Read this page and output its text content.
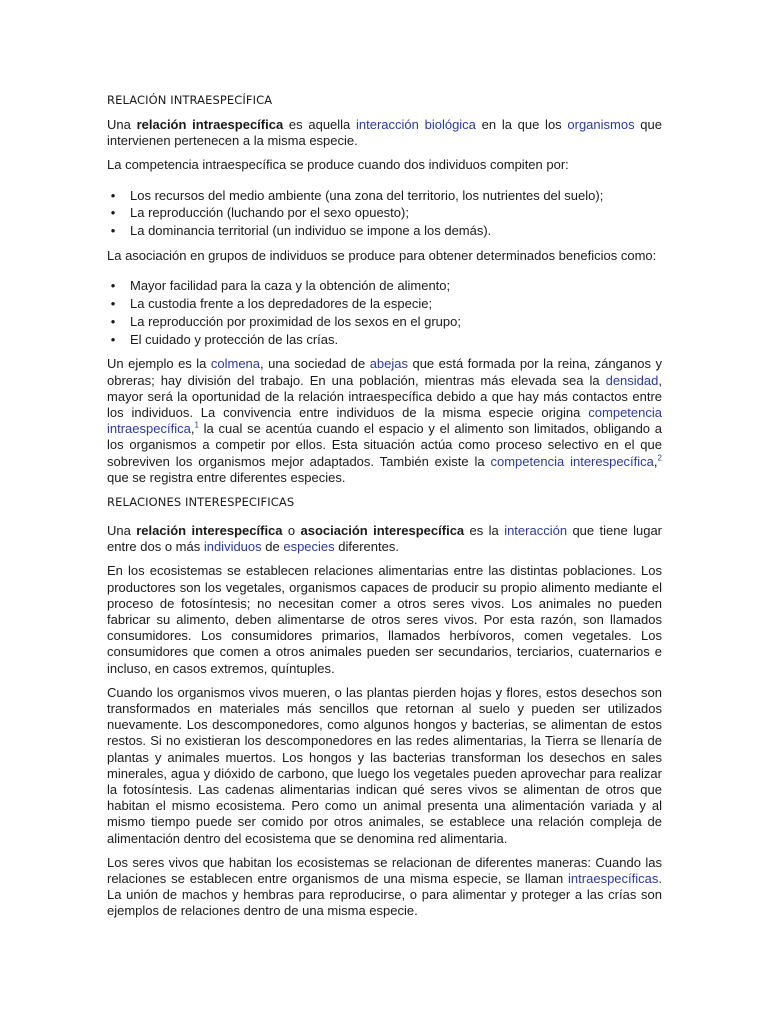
RELACIÓN INTRAESPECÍFICA

Una relación intraespecífica es aquella interacción biológica en la que los organismos que intervienen pertenecen a la misma especie.

La competencia intraespecífica se produce cuando dos individuos compiten por:

• Los recursos del medio ambiente (una zona del territorio, los nutrientes del suelo);
• La reproducción (luchando por el sexo opuesto);
• La dominancia territorial (un individuo se impone a los demás).

La asociación en grupos de individuos se produce para obtener determinados beneficios como:

• Mayor facilidad para la caza y la obtención de alimento;
• La custodia frente a los depredadores de la especie;
• La reproducción por proximidad de los sexos en el grupo;
• El cuidado y protección de las crías.

Un ejemplo es la colmena, una sociedad de abejas que está formada por la reina, zánganos y obreras; hay división del trabajo. En una población, mientras más elevada sea la densidad, mayor será la oportunidad de la relación intraespecífica debido a que hay más contactos entre los individuos. La convivencia entre individuos de la misma especie origina competencia intraespecífica,$^1$ la cual se acentúa cuando el espacio y el alimento son limitados, obligando a los organismos a competir por ellos. Esta situación actúa como proceso selectivo en el que sobreviven los organismos mejor adaptados. También existe la competencia interespecífica,$^2$ que se registra entre diferentes especies.

RELACIONES INTERESPECIFICAS

Una relación interespecífica o asociación interespecífica es la interacción que tiene lugar entre dos o más individuos de especies diferentes.

En los ecosistemas se establecen relaciones alimentarias entre las distintas poblaciones. Los productores son los vegetales, organismos capaces de producir su propio alimento mediante el proceso de fotosíntesis; no necesitan comer a otros seres vivos. Los animales no pueden fabricar su alimento, deben alimentarse de otros seres vivos. Por esta razón, son llamados consumidores. Los consumidores primarios, llamados herbívoros, comen vegetales. Los consumidores que comen a otros animales pueden ser secundarios, terciarios, cuaternarios e incluso, en casos extremos, quíntuples.

Cuando los organismos vivos mueren, o las plantas pierden hojas y flores, estos desechos son transformados en materiales más sencillos que retornan al suelo y pueden ser utilizados nuevamente. Los descomponedores, como algunos hongos y bacterias, se alimentan de estos restos. Si no existieran los descomponedores en las redes alimentarias, la Tierra se llenaría de plantas y animales muertos. Los hongos y las bacterias transforman los desechos en sales minerales, agua y dióxido de carbono, que luego los vegetales pueden aprovechar para realizar la fotosíntesis. Las cadenas alimentarias indican qué seres vivos se alimentan de otros que habitan el mismo ecosistema. Pero como un animal presenta una alimentación variada y al mismo tiempo puede ser comido por otros animales, se establece una relación compleja de alimentación dentro del ecosistema que se denomina red alimentaria.

Los seres vivos que habitan los ecosistemas se relacionan de diferentes maneras: Cuando las relaciones se establecen entre organismos de una misma especie, se llaman intraespecíficas. La unión de machos y hembras para reproducirse, o para alimentar y proteger a las crías son ejemplos de relaciones dentro de una misma especie.
